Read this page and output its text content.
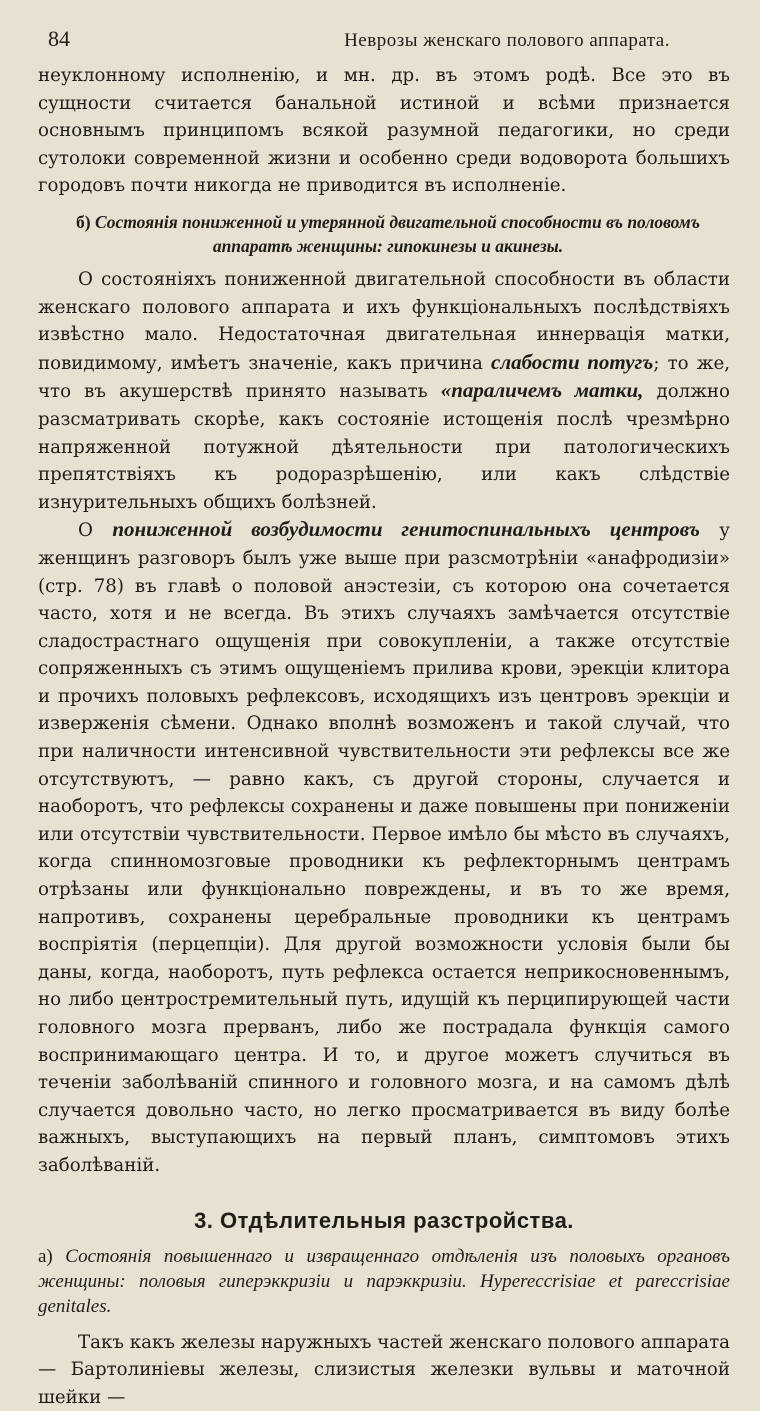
84	Неврозы женскаго полового аппарата.

неуклонному исполненію, и мн. др. въ этомъ родѣ. Все это въ сущности считается банальной истиной и всѣми признается основнымъ принципомъ всякой разумной педагогики, но среди сутолоки современной жизни и особенно среди водоворота большихъ городовъ почти никогда не приводится въ исполненіе.

б) Состоянія пониженной и утерянной двигательной способности въ половомъ аппаратѣ женщины: гипокинезы и акинезы.

О состояніяхъ пониженной двигательной способности въ области женскаго полового аппарата и ихъ функціональныхъ послѣдствіяхъ извѣстно мало. Недостаточная двигательная иннервація матки, повидимому, имѣетъ значеніе, какъ причина слабости потугъ; то же, что въ акушерствѣ принято называть «параличемъ матки, должно разсматривать скорѣе, какъ состояніе истощенія послѣ чрезмѣрно напряженной потужной дѣятельности при патологическихъ препятствіяхъ къ родоразрѣшенію, или какъ слѣдствіе изнурительныхъ общихъ болѣзней.

О пониженной возбудимости генитоспинальныхъ центровъ у женщинъ разговоръ былъ уже выше при разсмотрѣніи «анафродизіи» (стр. 78) въ главѣ о половой анэстезіи, съ которою она сочетается часто, хотя и не всегда. Въ этихъ случаяхъ замѣчается отсутствіе сладострастнаго ощущенія при совокупленіи, а также отсутствіе сопряженныхъ съ этимъ ощущеніемъ прилива крови, эрекціи клитора и прочихъ половыхъ рефлексовъ, исходящихъ изъ центровъ эрекціи и изверженія сѣмени. Однако вполнѣ возможенъ и такой случай, что при наличности интенсивной чувствительности эти рефлексы все же отсутствуютъ, — равно какъ, съ другой стороны, случается и наоборотъ, что рефлексы сохранены и даже повышены при пониженіи или отсутствіи чувствительности. Первое имѣло бы мѣсто въ случаяхъ, когда спинномозговые проводники къ рефлекторнымъ центрамъ отрѣзаны или функціонально повреждены, и въ то же время, напротивъ, сохранены церебральные проводники къ центрамъ воспріятія (перцепціи). Для другой возможности условія были бы даны, когда, наоборотъ, путь рефлекса остается неприкосновеннымъ, но либо центростремительный путь, идущій къ перципирующей части головного мозга прерванъ, либо же пострадала функція самого воспринимающаго центра. И то, и другое можетъ случиться въ теченіи заболѣваній спинного и головного мозга, и на самомъ дѣлѣ случается довольно часто, но легко просматривается въ виду болѣе важныхъ, выступающихъ на первый планъ, симптомовъ этихъ заболѣваній.

3. Отдѣлительныя разстройства.
а) Состоянія повышеннаго и извращеннаго отдѣленія изъ половыхъ органовъ женщины: половыя гиперэккризіи и парэккризіи. Hypereccrisiae et pareccrisiae genitales.

Такъ какъ железы наружныхъ частей женскаго полового аппарата — Бартолиніевы железы, слизистыя железки вульвы и маточной шейки —
